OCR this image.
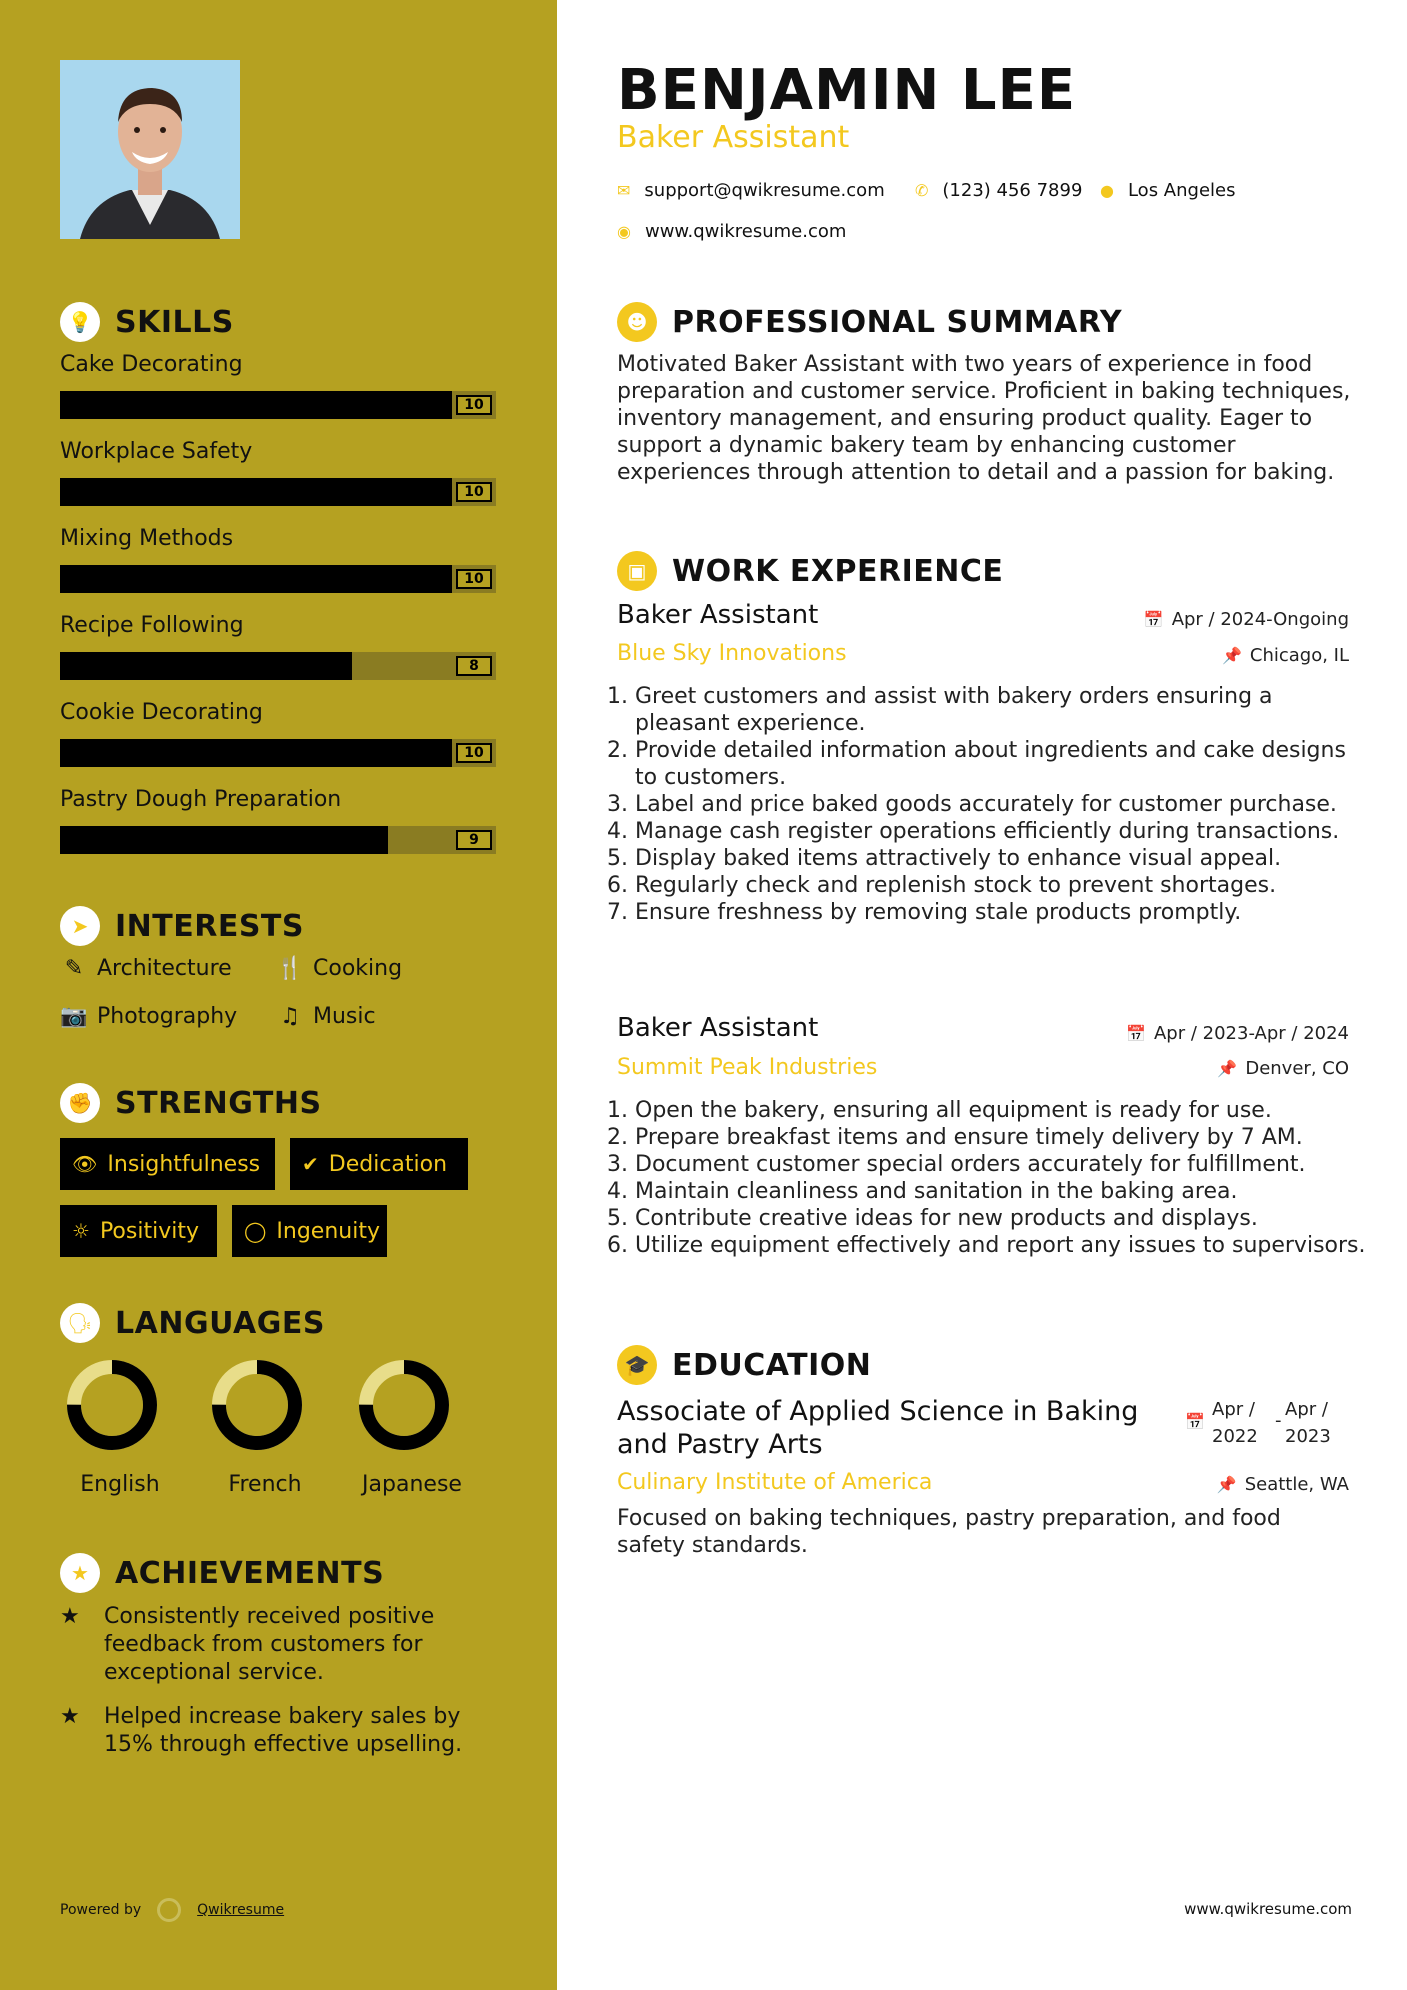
💡 SKILLS
Cake Decorating
10
Workplace Safety
10
Mixing Methods
10
Recipe Following
8
Cookie Decorating
10
Pastry Dough Preparation
9
➤ INTERESTS
✎ Architecture 🍴 Cooking
📷 Photography ♫ Music
✊ STRENGTHS
👁 Insightfulness ✔ Dedication
☼ Positivity ◯ Ingenuity
🗣 LANGUAGES
English	French	Japanese
★ ACHIEVEMENTS
★	Consistently received positive feedback from customers for exceptional service.
★	Helped increase bakery sales by 15% through effective upselling.
Powered by	Qwikresume
BENJAMIN LEE
Baker Assistant
✉ support@qwikresume.com ✆ (123) 456 7899 ● Los Angeles
◉ www.qwikresume.com
☻ PROFESSIONAL SUMMARY
Motivated Baker Assistant with two years of experience in food preparation and customer service. Proficient in baking techniques, inventory management, and ensuring product quality. Eager to support a dynamic bakery team by enhancing customer experiences through attention to detail and a passion for baking.
▣ WORK EXPERIENCE
Baker Assistant	📅 Apr / 2024-Ongoing
Blue Sky Innovations	📌 Chicago, IL
1. Greet customers and assist with bakery orders ensuring a pleasant experience.
2. Provide detailed information about ingredients and cake designs to customers.
3. Label and price baked goods accurately for customer purchase.
4. Manage cash register operations efficiently during transactions.
5. Display baked items attractively to enhance visual appeal.
6. Regularly check and replenish stock to prevent shortages.
7. Ensure freshness by removing stale products promptly.
Baker Assistant	📅 Apr / 2023-Apr / 2024
Summit Peak Industries	📌 Denver, CO
1. Open the bakery, ensuring all equipment is ready for use.
2. Prepare breakfast items and ensure timely delivery by 7 AM.
3. Document customer special orders accurately for fulfillment.
4. Maintain cleanliness and sanitation in the baking area.
5. Contribute creative ideas for new products and displays.
6. Utilize equipment effectively and report any issues to supervisors.
🎓 EDUCATION
Associate of Applied Science in Baking and Pastry Arts
📅
Apr /
2022
-
Apr /
2023
Culinary Institute of America	📌 Seattle, WA
Focused on baking techniques, pastry preparation, and food safety standards.
www.qwikresume.com
